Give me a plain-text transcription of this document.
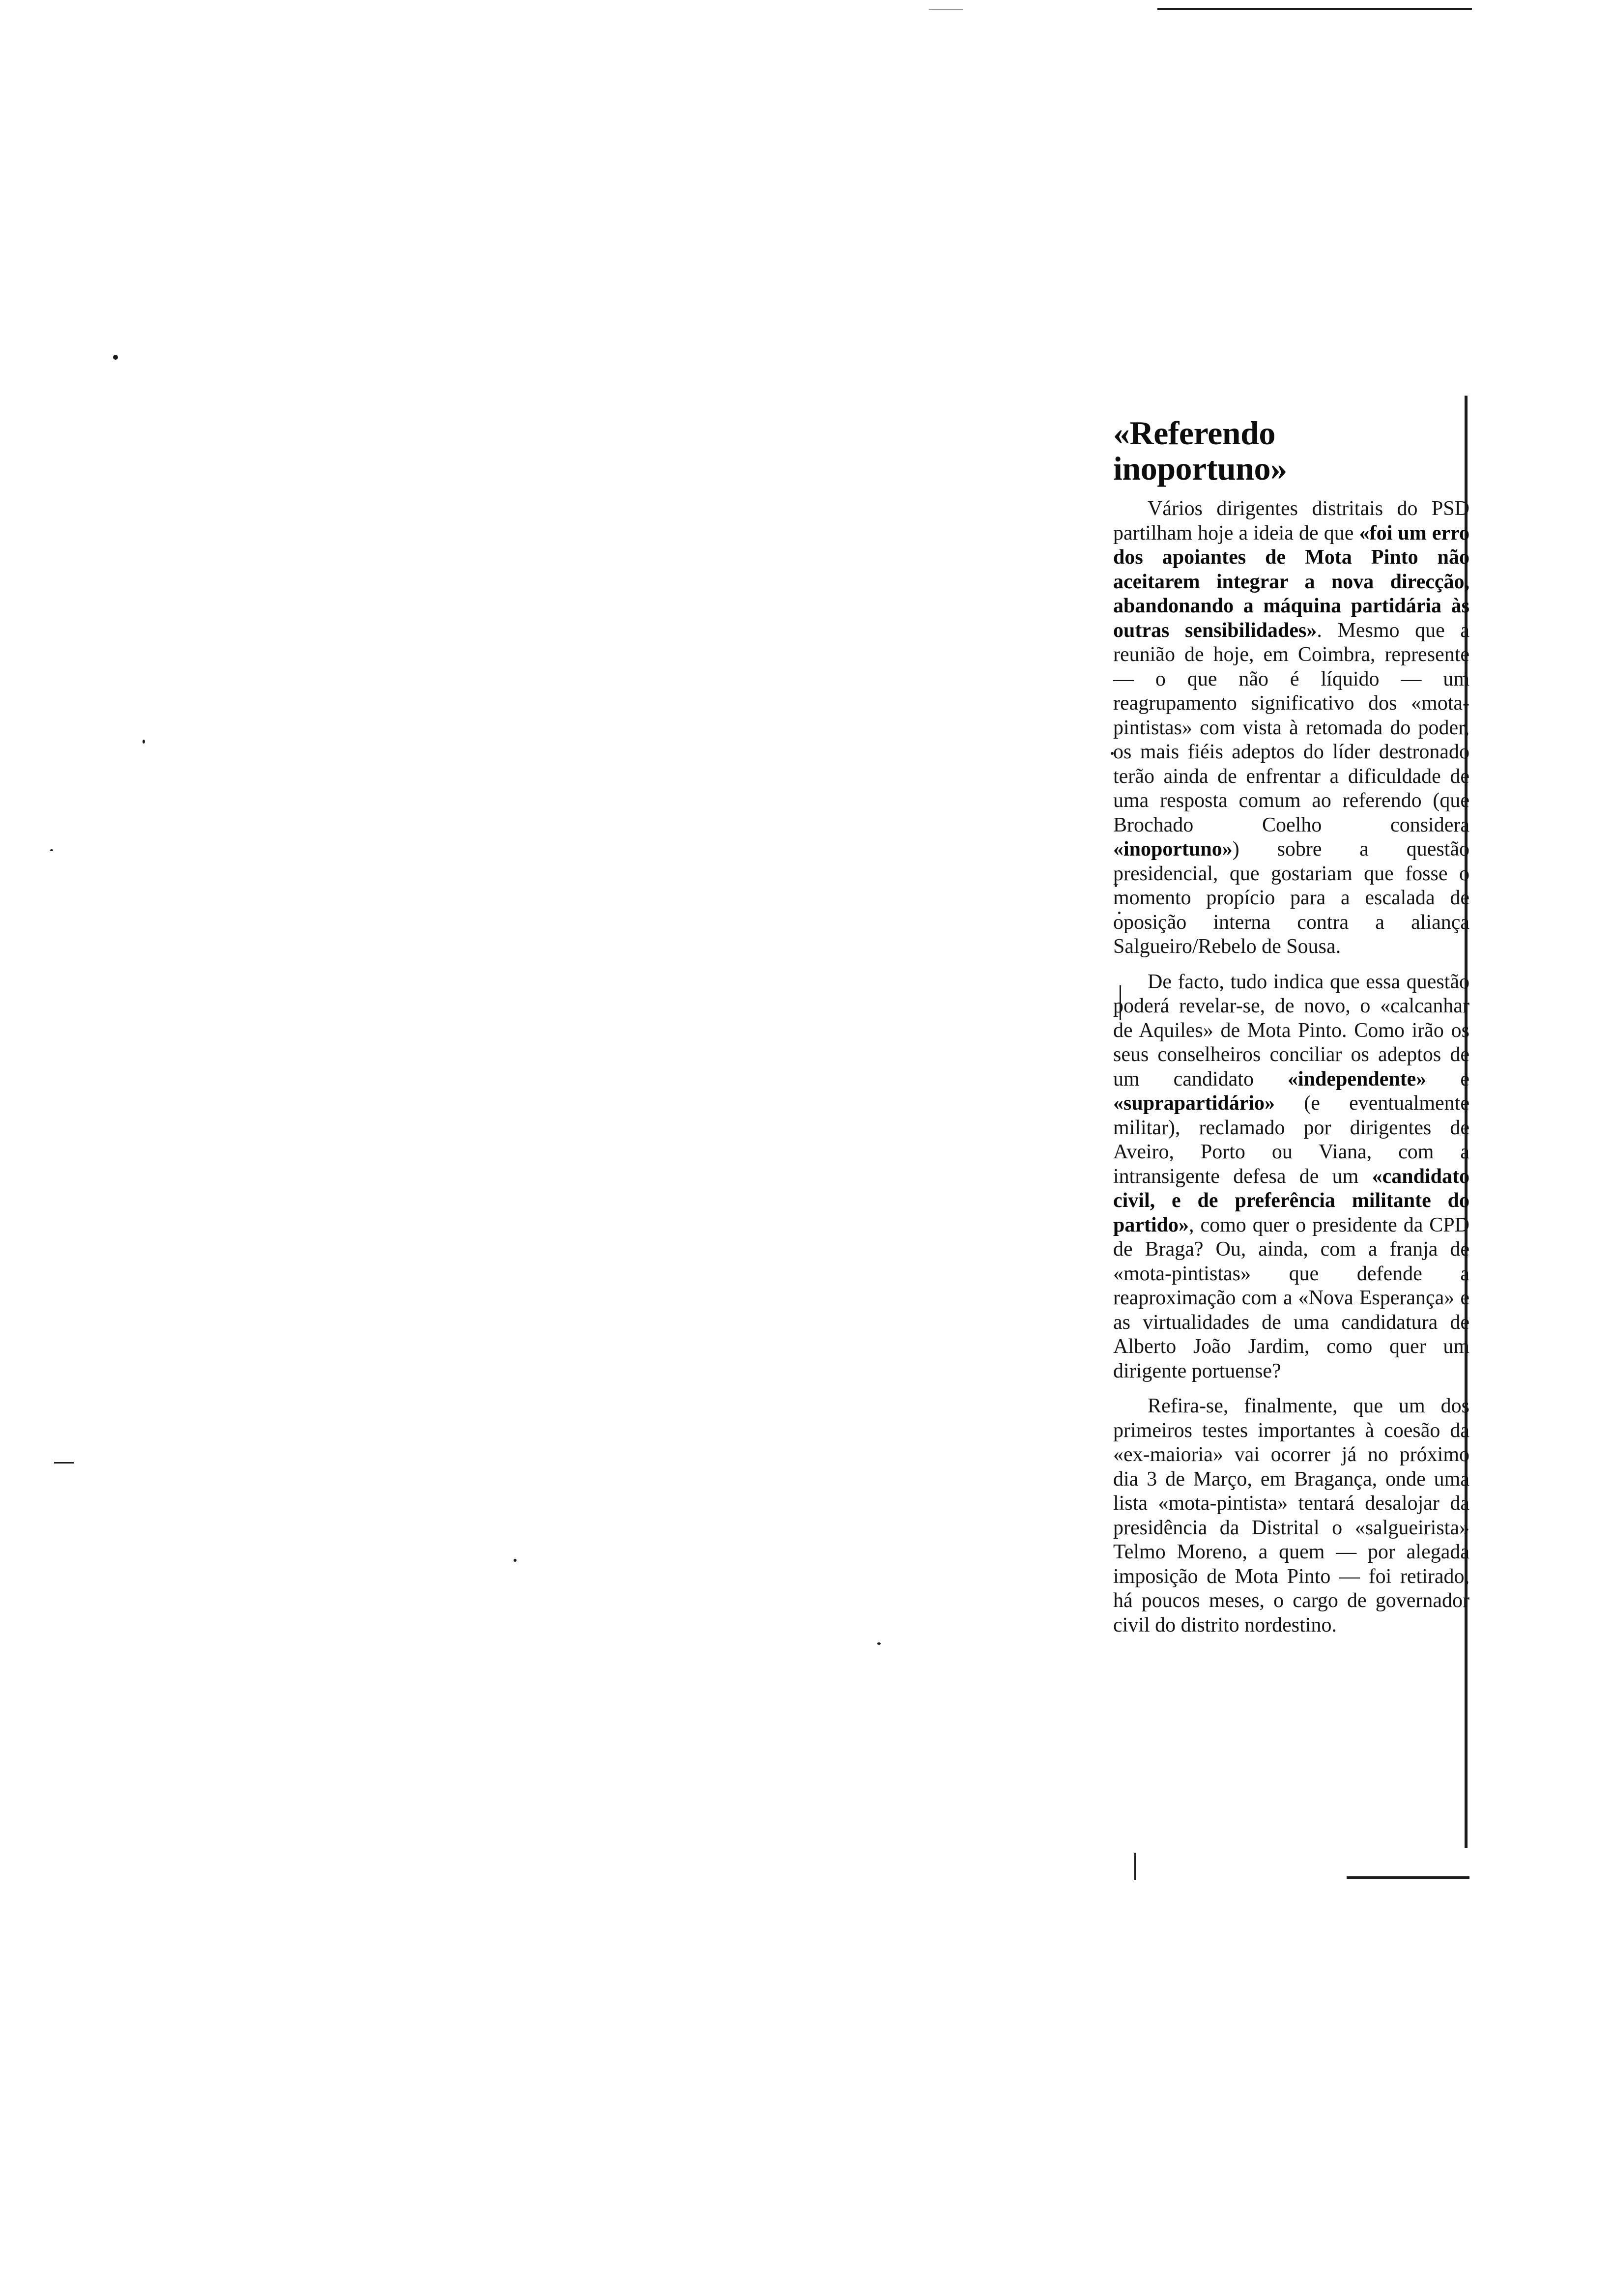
«Referendo
inoportuno»

Vários dirigentes distritais do PSD partilham hoje a ideia de que «foi um erro dos apoiantes de Mota Pinto não aceitarem integrar a nova direcção, abandonando a máquina partidária às outras sensibilidades». Mesmo que a reunião de hoje, em Coimbra, represente — o que não é líquido — um reagrupamento significativo dos «mota-pintistas» com vista à retomada do poder, os mais fiéis adeptos do líder destronado terão ainda de enfrentar a dificuldade de uma resposta comum ao referendo (que Brochado Coelho considera «inoportuno») sobre a questão presidencial, que gostariam que fosse o momento propício para a escalada de oposição interna contra a aliança Salgueiro/Rebelo de Sousa.

De facto, tudo indica que essa questão poderá revelar-se, de novo, o «calcanhar de Aquiles» de Mota Pinto. Como irão os seus conselheiros conciliar os adeptos de um candidato «independente» e «suprapartidário» (e eventualmente militar), reclamado por dirigentes de Aveiro, Porto ou Viana, com a intransigente defesa de um «candidato civil, e de preferência militante do partido», como quer o presidente da CPD de Braga? Ou, ainda, com a franja de «mota-pintistas» que defende a reaproximação com a «Nova Esperança» e as virtualidades de uma candidatura de Alberto João Jardim, como quer um dirigente portuense?

Refira-se, finalmente, que um dos primeiros testes importantes à coesão da «ex-maioria» vai ocorrer já no próximo dia 3 de Março, em Bragança, onde uma lista «mota-pintista» tentará desalojar da presidência da Distrital o «salgueirista» Telmo Moreno, a quem — por alegada imposição de Mota Pinto — foi retirado, há poucos meses, o cargo de governador civil do distrito nordestino.
